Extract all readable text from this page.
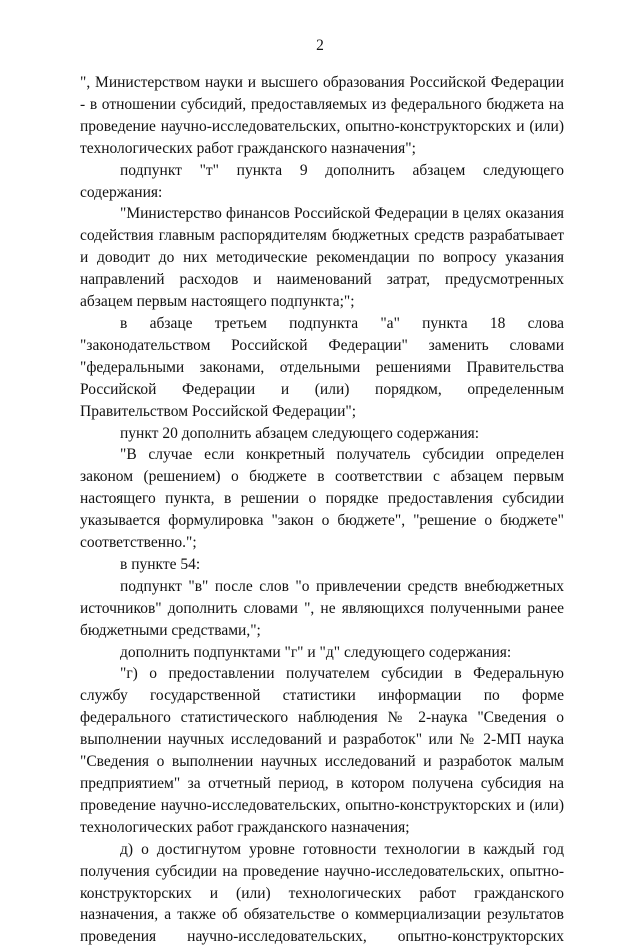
2

", Министерством науки и высшего образования Российской Федерации - в отношении субсидий, предоставляемых из федерального бюджета на проведение научно-исследовательских, опытно-конструкторских и (или) технологических работ гражданского назначения";

подпункт "т" пункта 9 дополнить абзацем следующего содержания:

"Министерство финансов Российской Федерации в целях оказания содействия главным распорядителям бюджетных средств разрабатывает и доводит до них методические рекомендации по вопросу указания направлений расходов и наименований затрат, предусмотренных абзацем первым настоящего подпункта;";

в абзаце третьем подпункта "а" пункта 18 слова "законодательством Российской Федерации" заменить словами "федеральными законами, отдельными решениями Правительства Российской Федерации и (или) порядком, определенным Правительством Российской Федерации";

пункт 20 дополнить абзацем следующего содержания:

"В случае если конкретный получатель субсидии определен законом (решением) о бюджете в соответствии с абзацем первым настоящего пункта, в решении о порядке предоставления субсидии указывается формулировка "закон о бюджете", "решение о бюджете" соответственно.";

в пункте 54:

подпункт "в" после слов "о привлечении средств внебюджетных источников" дополнить словами ", не являющихся полученными ранее бюджетными средствами,";

дополнить подпунктами "г" и "д" следующего содержания:

"г) о предоставлении получателем субсидии в Федеральную службу государственной статистики информации по форме федерального статистического наблюдения № 2-наука "Сведения о выполнении научных исследований и разработок" или № 2-МП наука "Сведения о выполнении научных исследований и разработок малым предприятием" за отчетный период, в котором получена субсидия на проведение научно-исследовательских, опытно-конструкторских и (или) технологических работ гражданского назначения;

д) о достигнутом уровне готовности технологии в каждый год получения субсидии на проведение научно-исследовательских, опытно-конструкторских и (или) технологических работ гражданского назначения, а также об обязательстве о коммерциализации результатов проведения научно-исследовательских, опытно-конструкторских
